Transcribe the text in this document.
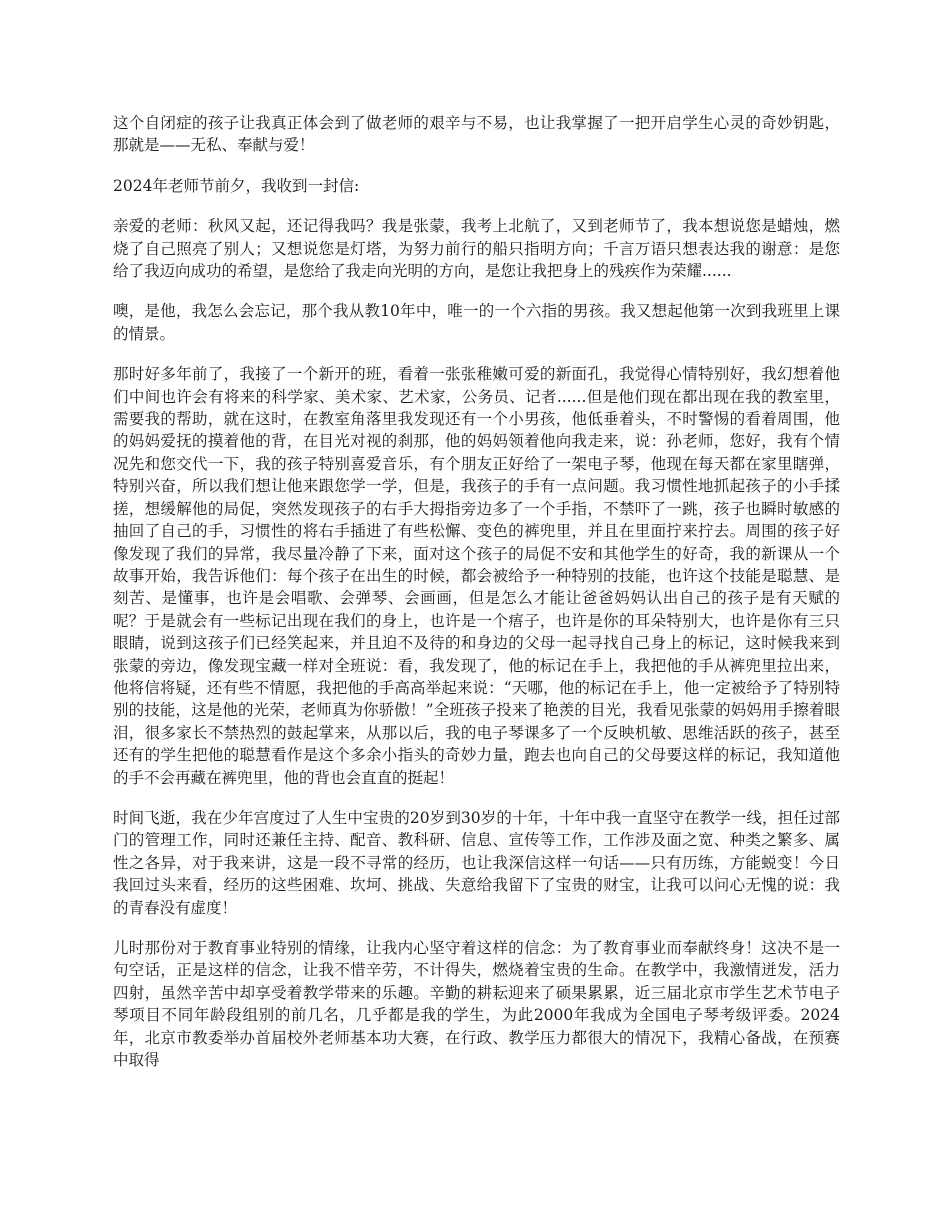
这个自闭症的孩子让我真正体会到了做老师的艰辛与不易，也让我掌握了一把开启学生心灵的奇妙钥匙，那就是——无私、奉献与爱！

2024年老师节前夕，我收到一封信:

亲爱的老师：秋风又起，还记得我吗？我是张蒙，我考上北航了，又到老师节了，我本想说您是蜡烛，燃烧了自己照亮了别人；又想说您是灯塔，为努力前行的船只指明方向；千言万语只想表达我的谢意：是您给了我迈向成功的希望，是您给了我走向光明的方向，是您让我把身上的残疾作为荣耀......

噢，是他，我怎么会忘记，那个我从教10年中，唯一的一个六指的男孩。我又想起他第一次到我班里上课的情景。

那时好多年前了，我接了一个新开的班，看着一张张稚嫩可爱的新面孔，我觉得心情特别好，我幻想着他们中间也许会有将来的科学家、美术家、艺术家，公务员、记者......但是他们现在都出现在我的教室里，需要我的帮助，就在这时，在教室角落里我发现还有一个小男孩，他低垂着头，不时警惕的看着周围，他的妈妈爱抚的摸着他的背，在目光对视的刹那，他的妈妈领着他向我走来，说：孙老师，您好，我有个情况先和您交代一下，我的孩子特别喜爱音乐，有个朋友正好给了一架电子琴，他现在每天都在家里瞎弹，特别兴奋，所以我们想让他来跟您学一学，但是，我孩子的手有一点问题。我习惯性地抓起孩子的小手揉搓，想缓解他的局促，突然发现孩子的右手大拇指旁边多了一个手指，不禁吓了一跳，孩子也瞬时敏感的抽回了自己的手，习惯性的将右手插进了有些松懈、变色的裤兜里，并且在里面拧来拧去。周围的孩子好像发现了我们的异常，我尽量冷静了下来，面对这个孩子的局促不安和其他学生的好奇，我的新课从一个故事开始，我告诉他们：每个孩子在出生的时候，都会被给予一种特别的技能，也许这个技能是聪慧、是刻苦、是懂事，也许是会唱歌、会弹琴、会画画，但是怎么才能让爸爸妈妈认出自己的孩子是有天赋的呢？于是就会有一些标记出现在我们的身上，也许是一个痦子，也许是你的耳朵特别大，也许是你有三只眼睛，说到这孩子们已经笑起来，并且迫不及待的和身边的父母一起寻找自己身上的标记，这时候我来到张蒙的旁边，像发现宝藏一样对全班说：看，我发现了，他的标记在手上，我把他的手从裤兜里拉出来，他将信将疑，还有些不情愿，我把他的手高高举起来说：“天哪，他的标记在手上，他一定被给予了特别特别的技能，这是他的光荣，老师真为你骄傲！”全班孩子投来了艳羡的目光，我看见张蒙的妈妈用手擦着眼泪，很多家长不禁热烈的鼓起掌来，从那以后，我的电子琴课多了一个反映机敏、思维活跃的孩子，甚至还有的学生把他的聪慧看作是这个多余小指头的奇妙力量，跑去也向自己的父母要这样的标记，我知道他的手不会再藏在裤兜里，他的背也会直直的挺起！

时间飞逝，我在少年宫度过了人生中宝贵的20岁到30岁的十年，十年中我一直坚守在教学一线，担任过部门的管理工作，同时还兼任主持、配音、教科研、信息、宣传等工作，工作涉及面之宽、种类之繁多、属性之各异，对于我来讲，这是一段不寻常的经历，也让我深信这样一句话——只有历练，方能蜕变！今日我回过头来看，经历的这些困难、坎坷、挑战、失意给我留下了宝贵的财宝，让我可以问心无愧的说：我的青春没有虚度！

儿时那份对于教育事业特别的情缘，让我内心坚守着这样的信念：为了教育事业而奉献终身！这决不是一句空话，正是这样的信念，让我不惜辛劳，不计得失，燃烧着宝贵的生命。在教学中，我激情迸发，活力四射，虽然辛苦中却享受着教学带来的乐趣。辛勤的耕耘迎来了硕果累累，近三届北京市学生艺术节电子琴项目不同年龄段组别的前几名，几乎都是我的学生，为此2000年我成为全国电子琴考级评委。2024年，北京市教委举办首届校外老师基本功大赛，在行政、教学压力都很大的情况下，我精心备战，在预赛中取得
